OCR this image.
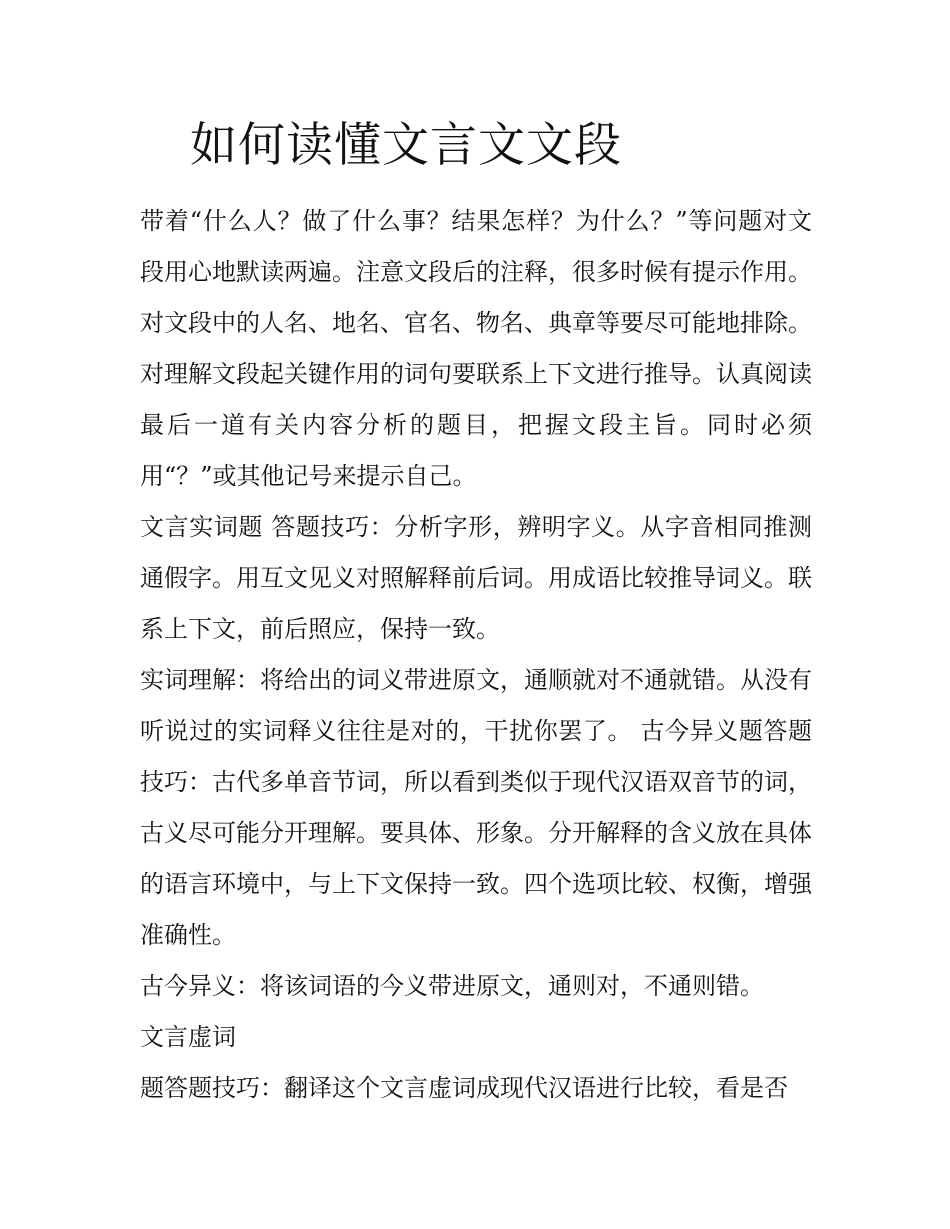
如何读懂文言文文段

带着“什么人？做了什么事？结果怎样？为什么？”等问题对文段用心地默读两遍。注意文段后的注释，很多时候有提示作用。对文段中的人名、地名、官名、物名、典章等要尽可能地排除。对理解文段起关键作用的词句要联系上下文进行推导。认真阅读最后一道有关内容分析的题目，把握文段主旨。同时必须用“？”或其他记号来提示自己。

文言实词题 答题技巧：分析字形，辨明字义。从字音相同推测通假字。用互文见义对照解释前后词。用成语比较推导词义。联系上下文，前后照应，保持一致。

实词理解：将给出的词义带进原文，通顺就对不通就错。从没有听说过的实词释义往往是对的，干扰你罢了。 古今异义题答题技巧：古代多单音节词，所以看到类似于现代汉语双音节的词，古义尽可能分开理解。要具体、形象。分开解释的含义放在具体的语言环境中，与上下文保持一致。四个选项比较、权衡，增强准确性。

古今异义：将该词语的今义带进原文，通则对，不通则错。

文言虚词

题答题技巧：翻译这个文言虚词成现代汉语进行比较，看是否
